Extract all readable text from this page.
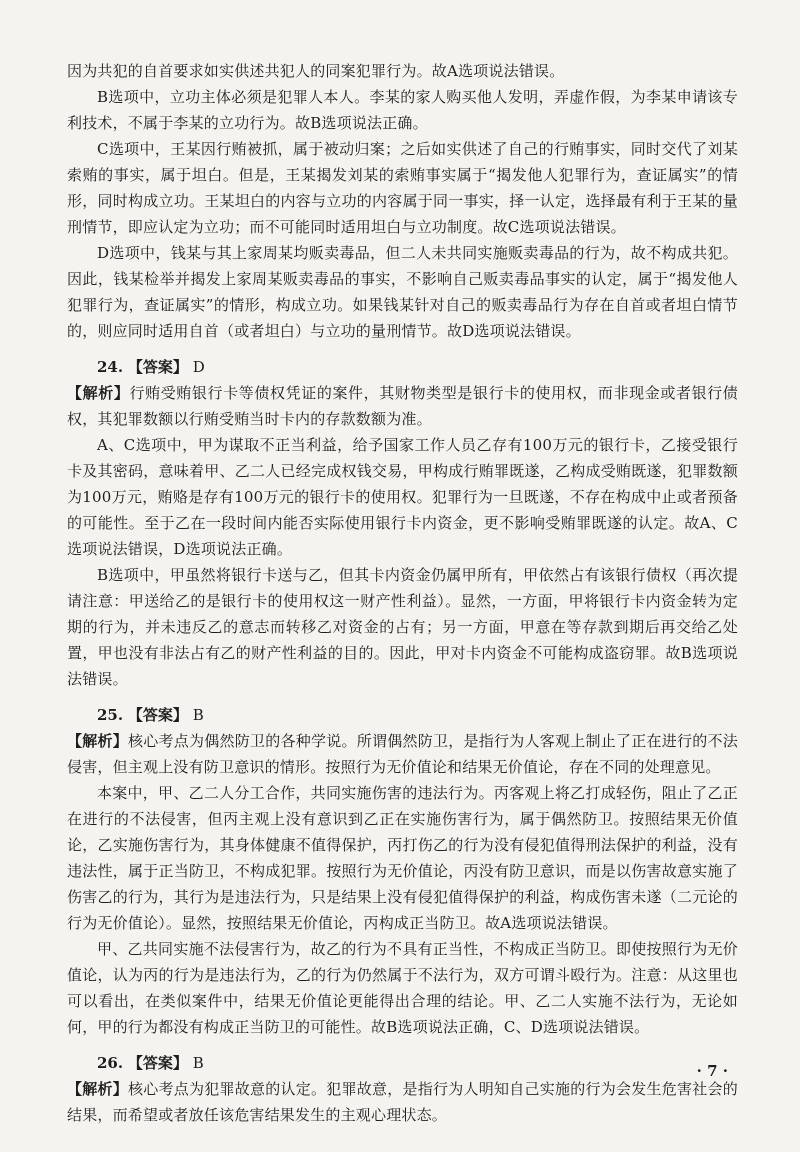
因为共犯的自首要求如实供述共犯人的同案犯罪行为。故A选项说法错误。

B选项中，立功主体必须是犯罪人本人。李某的家人购买他人发明，弄虚作假，为李某申请该专利技术，不属于李某的立功行为。故B选项说法正确。

C选项中，王某因行贿被抓，属于被动归案；之后如实供述了自己的行贿事实，同时交代了刘某索贿的事实，属于坦白。但是，王某揭发刘某的索贿事实属于“揭发他人犯罪行为，查证属实”的情形，同时构成立功。王某坦白的内容与立功的内容属于同一事实，择一认定，选择最有利于王某的量刑情节，即应认定为立功；而不可能同时适用坦白与立功制度。故C选项说法错误。

D选项中，钱某与其上家周某均贩卖毒品，但二人未共同实施贩卖毒品的行为，故不构成共犯。因此，钱某检举并揭发上家周某贩卖毒品的事实，不影响自己贩卖毒品事实的认定，属于“揭发他人犯罪行为，查证属实”的情形，构成立功。如果钱某针对自己的贩卖毒品行为存在自首或者坦白情节的，则应同时适用自首（或者坦白）与立功的量刑情节。故D选项说法错误。

24. 【答案】 D

【解析】行贿受贿银行卡等债权凭证的案件，其财物类型是银行卡的使用权，而非现金或者银行债权，其犯罪数额以行贿受贿当时卡内的存款数额为准。

A、C选项中，甲为谋取不正当利益，给予国家工作人员乙存有100万元的银行卡，乙接受银行卡及其密码，意味着甲、乙二人已经完成权钱交易，甲构成行贿罪既遂，乙构成受贿既遂，犯罪数额为100万元，贿赂是存有100万元的银行卡的使用权。犯罪行为一旦既遂，不存在构成中止或者预备的可能性。至于乙在一段时间内能否实际使用银行卡内资金，更不影响受贿罪既遂的认定。故A、C选项说法错误，D选项说法正确。

B选项中，甲虽然将银行卡送与乙，但其卡内资金仍属甲所有，甲依然占有该银行债权（再次提请注意：甲送给乙的是银行卡的使用权这一财产性利益）。显然，一方面，甲将银行卡内资金转为定期的行为，并未违反乙的意志而转移乙对资金的占有；另一方面，甲意在等存款到期后再交给乙处置，甲也没有非法占有乙的财产性利益的目的。因此，甲对卡内资金不可能构成盗窃罪。故B选项说法错误。

25. 【答案】 B

【解析】核心考点为偶然防卫的各种学说。所谓偶然防卫，是指行为人客观上制止了正在进行的不法侵害，但主观上没有防卫意识的情形。按照行为无价值论和结果无价值论，存在不同的处理意见。

本案中，甲、乙二人分工合作，共同实施伤害的违法行为。丙客观上将乙打成轻伤，阻止了乙正在进行的不法侵害，但丙主观上没有意识到乙正在实施伤害行为，属于偶然防卫。按照结果无价值论，乙实施伤害行为，其身体健康不值得保护，丙打伤乙的行为没有侵犯值得刑法保护的利益，没有违法性，属于正当防卫，不构成犯罪。按照行为无价值论，丙没有防卫意识，而是以伤害故意实施了伤害乙的行为，其行为是违法行为，只是结果上没有侵犯值得保护的利益，构成伤害未遂（二元论的行为无价值论）。显然，按照结果无价值论，丙构成正当防卫。故A选项说法错误。

甲、乙共同实施不法侵害行为，故乙的行为不具有正当性，不构成正当防卫。即使按照行为无价值论，认为丙的行为是违法行为，乙的行为仍然属于不法行为，双方可谓斗殴行为。注意：从这里也可以看出，在类似案件中，结果无价值论更能得出合理的结论。甲、乙二人实施不法行为，无论如何，甲的行为都没有构成正当防卫的可能性。故B选项说法正确，C、D选项说法错误。

26. 【答案】 B

【解析】核心考点为犯罪故意的认定。犯罪故意，是指行为人明知自己实施的行为会发生危害社会的结果，而希望或者放任该危害结果发生的主观心理状态。

· 7 ·
